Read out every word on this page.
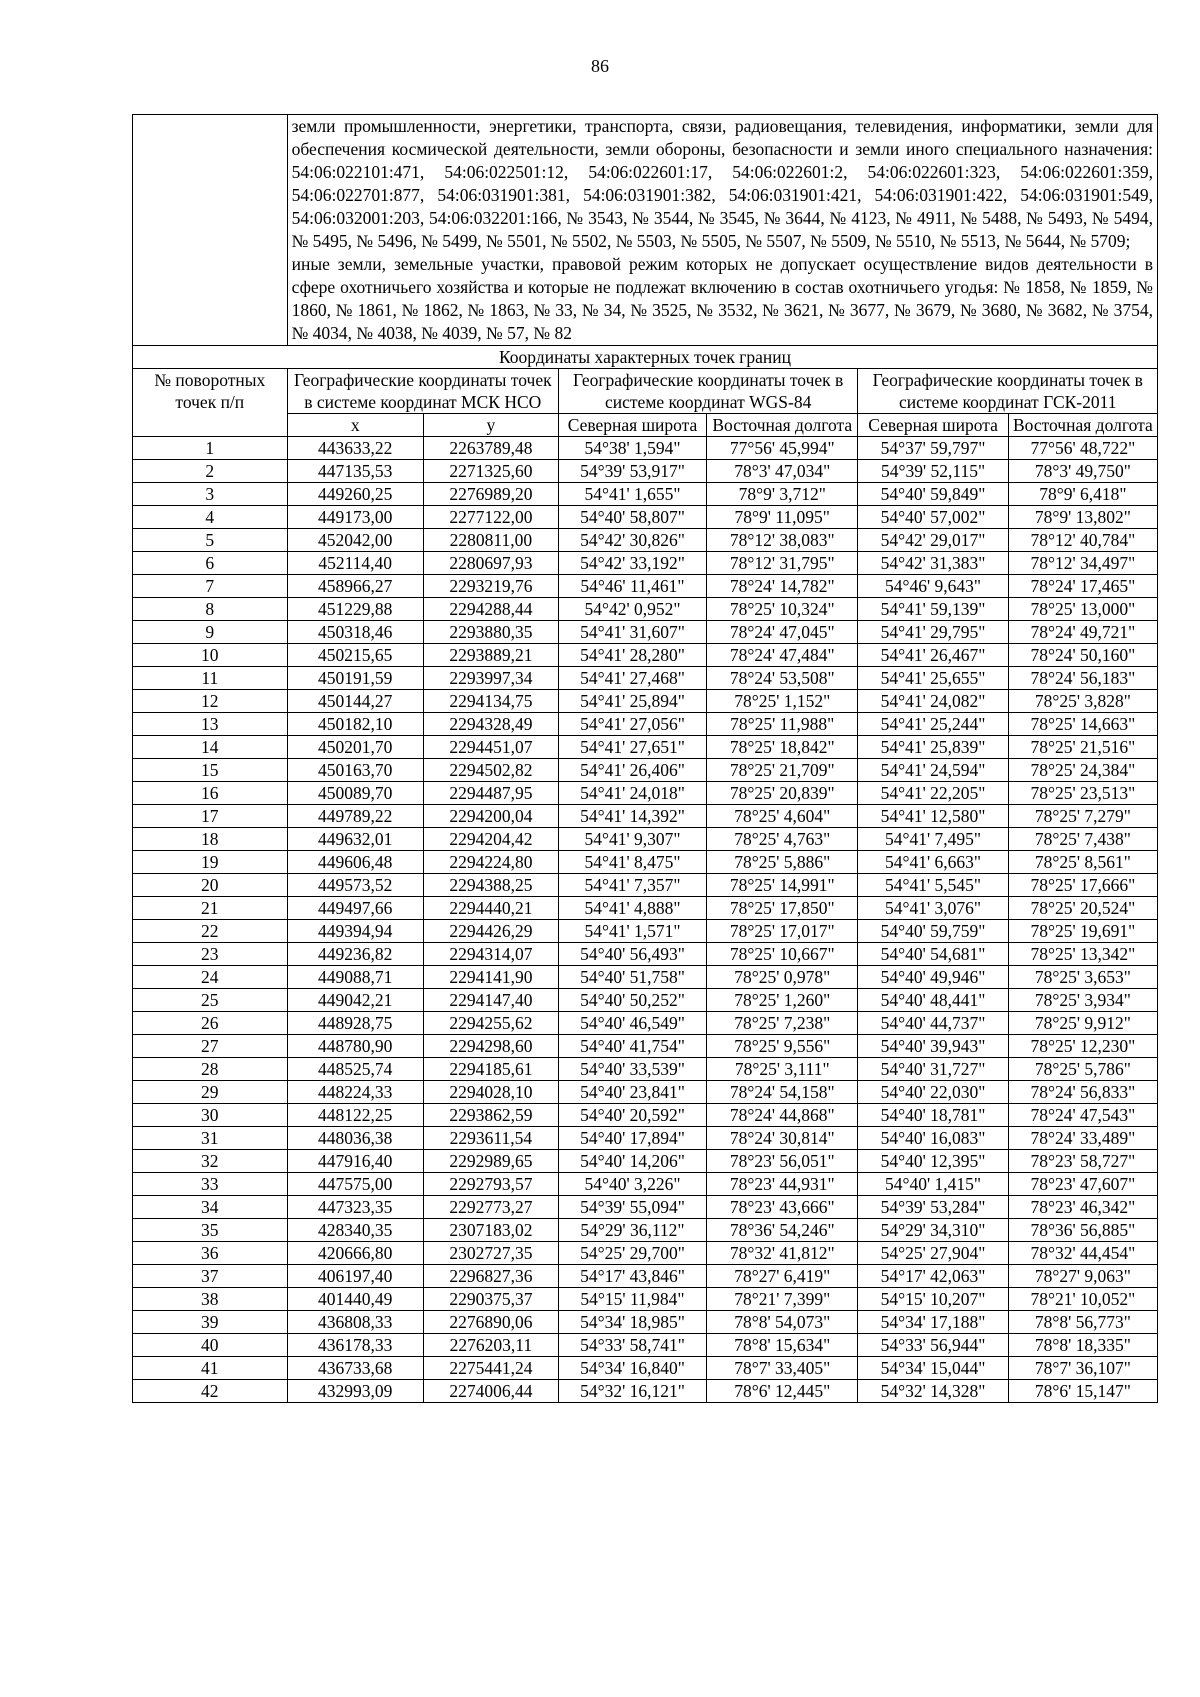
86

	земли промышленности, энергетики, транспорта, связи, радиовещания, телевидения, информатики, земли для обеспечения космической деятельности, земли обороны, безопасности и земли иного специального назначения: 54:06:022101:471, 54:06:022501:12, 54:06:022601:17, 54:06:022601:2, 54:06:022601:323, 54:06:022601:359, 54:06:022701:877, 54:06:031901:381, 54:06:031901:382, 54:06:031901:421, 54:06:031901:422, 54:06:031901:549, 54:06:032001:203, 54:06:032201:166, № 3543, № 3544, № 3545, № 3644, № 4123, № 4911, № 5488, № 5493, № 5494, № 5495, № 5496, № 5499, № 5501, № 5502, № 5503, № 5505, № 5507, № 5509, № 5510, № 5513, № 5644, № 5709;

иные земли, земельные участки, правовой режим которых не допускает осуществление видов деятельности в сфере охотничьего хозяйства и которые не подлежат включению в состав охотничьего угодья: № 1858, № 1859, № 1860, № 1861, № 1862, № 1863, № 33, № 34, № 3525, № 3532, № 3621, № 3677, № 3679, № 3680, № 3682, № 3754, № 4034, № 4038, № 4039, № 57, № 82					

Координаты характерных точек границ						
№ поворотных точек п/п	Географические координаты точек в системе координат МСК НСО		Географические координаты точек в системе координат WGS-84		Географические координаты точек в системе координат ГСК-2011	
	x	y	Северная широта	Восточная долгота	Северная широта	Восточная долгота
1	443633,22	2263789,48	54°38' 1,594"	77°56' 45,994"	54°37' 59,797"	77°56' 48,722"
2	447135,53	2271325,60	54°39' 53,917"	78°3' 47,034"	54°39' 52,115"	78°3' 49,750"
3	449260,25	2276989,20	54°41' 1,655"	78°9' 3,712"	54°40' 59,849"	78°9' 6,418"
4	449173,00	2277122,00	54°40' 58,807"	78°9' 11,095"	54°40' 57,002"	78°9' 13,802"
5	452042,00	2280811,00	54°42' 30,826"	78°12' 38,083"	54°42' 29,017"	78°12' 40,784"
6	452114,40	2280697,93	54°42' 33,192"	78°12' 31,795"	54°42' 31,383"	78°12' 34,497"
7	458966,27	2293219,76	54°46' 11,461"	78°24' 14,782"	54°46' 9,643"	78°24' 17,465"
8	451229,88	2294288,44	54°42' 0,952"	78°25' 10,324"	54°41' 59,139"	78°25' 13,000"
9	450318,46	2293880,35	54°41' 31,607"	78°24' 47,045"	54°41' 29,795"	78°24' 49,721"
10	450215,65	2293889,21	54°41' 28,280"	78°24' 47,484"	54°41' 26,467"	78°24' 50,160"
11	450191,59	2293997,34	54°41' 27,468"	78°24' 53,508"	54°41' 25,655"	78°24' 56,183"
12	450144,27	2294134,75	54°41' 25,894"	78°25' 1,152"	54°41' 24,082"	78°25' 3,828"
13	450182,10	2294328,49	54°41' 27,056"	78°25' 11,988"	54°41' 25,244"	78°25' 14,663"
14	450201,70	2294451,07	54°41' 27,651"	78°25' 18,842"	54°41' 25,839"	78°25' 21,516"
15	450163,70	2294502,82	54°41' 26,406"	78°25' 21,709"	54°41' 24,594"	78°25' 24,384"
16	450089,70	2294487,95	54°41' 24,018"	78°25' 20,839"	54°41' 22,205"	78°25' 23,513"
17	449789,22	2294200,04	54°41' 14,392"	78°25' 4,604"	54°41' 12,580"	78°25' 7,279"
18	449632,01	2294204,42	54°41' 9,307"	78°25' 4,763"	54°41' 7,495"	78°25' 7,438"
19	449606,48	2294224,80	54°41' 8,475"	78°25' 5,886"	54°41' 6,663"	78°25' 8,561"
20	449573,52	2294388,25	54°41' 7,357"	78°25' 14,991"	54°41' 5,545"	78°25' 17,666"
21	449497,66	2294440,21	54°41' 4,888"	78°25' 17,850"	54°41' 3,076"	78°25' 20,524"
22	449394,94	2294426,29	54°41' 1,571"	78°25' 17,017"	54°40' 59,759"	78°25' 19,691"
23	449236,82	2294314,07	54°40' 56,493"	78°25' 10,667"	54°40' 54,681"	78°25' 13,342"
24	449088,71	2294141,90	54°40' 51,758"	78°25' 0,978"	54°40' 49,946"	78°25' 3,653"
25	449042,21	2294147,40	54°40' 50,252"	78°25' 1,260"	54°40' 48,441"	78°25' 3,934"
26	448928,75	2294255,62	54°40' 46,549"	78°25' 7,238"	54°40' 44,737"	78°25' 9,912"
27	448780,90	2294298,60	54°40' 41,754"	78°25' 9,556"	54°40' 39,943"	78°25' 12,230"
28	448525,74	2294185,61	54°40' 33,539"	78°25' 3,111"	54°40' 31,727"	78°25' 5,786"
29	448224,33	2294028,10	54°40' 23,841"	78°24' 54,158"	54°40' 22,030"	78°24' 56,833"
30	448122,25	2293862,59	54°40' 20,592"	78°24' 44,868"	54°40' 18,781"	78°24' 47,543"
31	448036,38	2293611,54	54°40' 17,894"	78°24' 30,814"	54°40' 16,083"	78°24' 33,489"
32	447916,40	2292989,65	54°40' 14,206"	78°23' 56,051"	54°40' 12,395"	78°23' 58,727"
33	447575,00	2292793,57	54°40' 3,226"	78°23' 44,931"	54°40' 1,415"	78°23' 47,607"
34	447323,35	2292773,27	54°39' 55,094"	78°23' 43,666"	54°39' 53,284"	78°23' 46,342"
35	428340,35	2307183,02	54°29' 36,112"	78°36' 54,246"	54°29' 34,310"	78°36' 56,885"
36	420666,80	2302727,35	54°25' 29,700"	78°32' 41,812"	54°25' 27,904"	78°32' 44,454"
37	406197,40	2296827,36	54°17' 43,846"	78°27' 6,419"	54°17' 42,063"	78°27' 9,063"
38	401440,49	2290375,37	54°15' 11,984"	78°21' 7,399"	54°15' 10,207"	78°21' 10,052"
39	436808,33	2276890,06	54°34' 18,985"	78°8' 54,073"	54°34' 17,188"	78°8' 56,773"
40	436178,33	2276203,11	54°33' 58,741"	78°8' 15,634"	54°33' 56,944"	78°8' 18,335"
41	436733,68	2275441,24	54°34' 16,840"	78°7' 33,405"	54°34' 15,044"	78°7' 36,107"
42	432993,09	2274006,44	54°32' 16,121"	78°6' 12,445"	54°32' 14,328"	78°6' 15,147"
